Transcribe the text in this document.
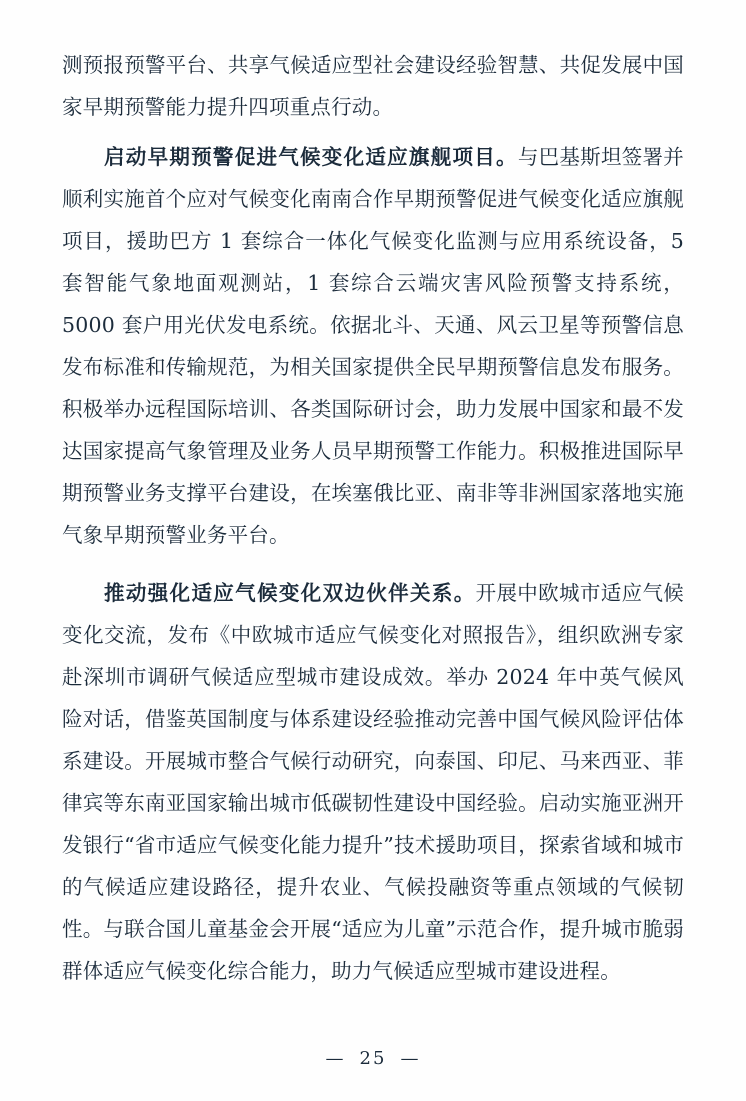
测预报预警平台、共享气候适应型社会建设经验智慧、共促发展中国家早期预警能力提升四项重点行动。

启动早期预警促进气候变化适应旗舰项目。与巴基斯坦签署并顺利实施首个应对气候变化南南合作早期预警促进气候变化适应旗舰项目，援助巴方 1 套综合一体化气候变化监测与应用系统设备，5 套智能气象地面观测站，1 套综合云端灾害风险预警支持系统，5000 套户用光伏发电系统。依据北斗、天通、风云卫星等预警信息发布标准和传输规范，为相关国家提供全民早期预警信息发布服务。积极举办远程国际培训、各类国际研讨会，助力发展中国家和最不发达国家提高气象管理及业务人员早期预警工作能力。积极推进国际早期预警业务支撑平台建设，在埃塞俄比亚、南非等非洲国家落地实施气象早期预警业务平台。

推动强化适应气候变化双边伙伴关系。开展中欧城市适应气候变化交流，发布《中欧城市适应气候变化对照报告》，组织欧洲专家赴深圳市调研气候适应型城市建设成效。举办 2024 年中英气候风险对话，借鉴英国制度与体系建设经验推动完善中国气候风险评估体系建设。开展城市整合气候行动研究，向泰国、印尼、马来西亚、菲律宾等东南亚国家输出城市低碳韧性建设中国经验。启动实施亚洲开发银行“省市适应气候变化能力提升”技术援助项目，探索省域和城市的气候适应建设路径，提升农业、气候投融资等重点领域的气候韧性。与联合国儿童基金会开展“适应为儿童”示范合作，提升城市脆弱群体适应气候变化综合能力，助力气候适应型城市建设进程。

— 25 —
